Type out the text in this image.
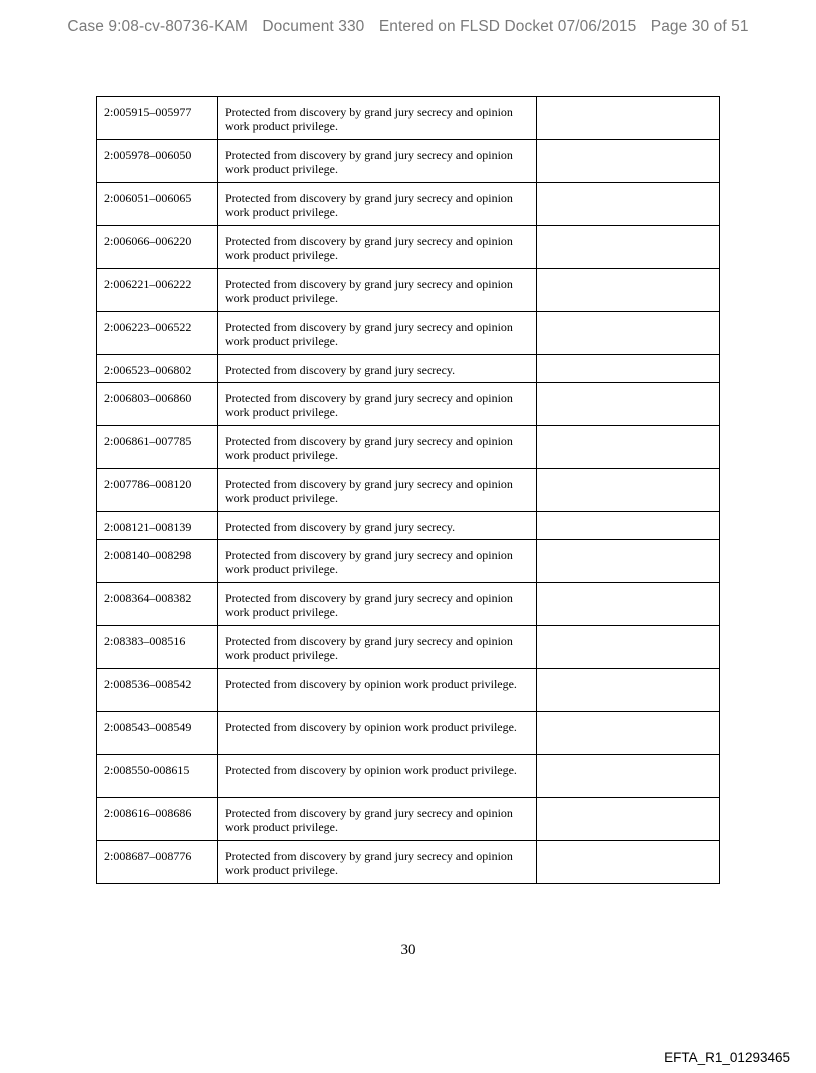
Case 9:08-cv-80736-KAM Document 330 Entered on FLSD Docket 07/06/2015 Page 30 of 51
2:005915–005977	Protected from discovery by grand jury secrecy and opinion work product privilege.	

2:005978–006050	Protected from discovery by grand jury secrecy and opinion work product privilege.	

2:006051–006065	Protected from discovery by grand jury secrecy and opinion work product privilege.	

2:006066–006220	Protected from discovery by grand jury secrecy and opinion work product privilege.	

2:006221–006222	Protected from discovery by grand jury secrecy and opinion work product privilege.	

2:006223–006522	Protected from discovery by grand jury secrecy and opinion work product privilege.	

2:006523–006802	Protected from discovery by grand jury secrecy.	

2:006803–006860	Protected from discovery by grand jury secrecy and opinion work product privilege.	

2:006861–007785	Protected from discovery by grand jury secrecy and opinion work product privilege.	

2:007786–008120	Protected from discovery by grand jury secrecy and opinion work product privilege.	

2:008121–008139	Protected from discovery by grand jury secrecy.	

2:008140–008298	Protected from discovery by grand jury secrecy and opinion work product privilege.	

2:008364–008382	Protected from discovery by grand jury secrecy and opinion work product privilege.	

2:08383–008516	Protected from discovery by grand jury secrecy and opinion work product privilege.	

2:008536–008542	Protected from discovery by opinion work product privilege.	

2:008543–008549	Protected from discovery by opinion work product privilege.	

2:008550-008615	Protected from discovery by opinion work product privilege.	

2:008616–008686	Protected from discovery by grand jury secrecy and opinion work product privilege.	

2:008687–008776	Protected from discovery by grand jury secrecy and opinion work product privilege.	

30
EFTA_R1_01293465
